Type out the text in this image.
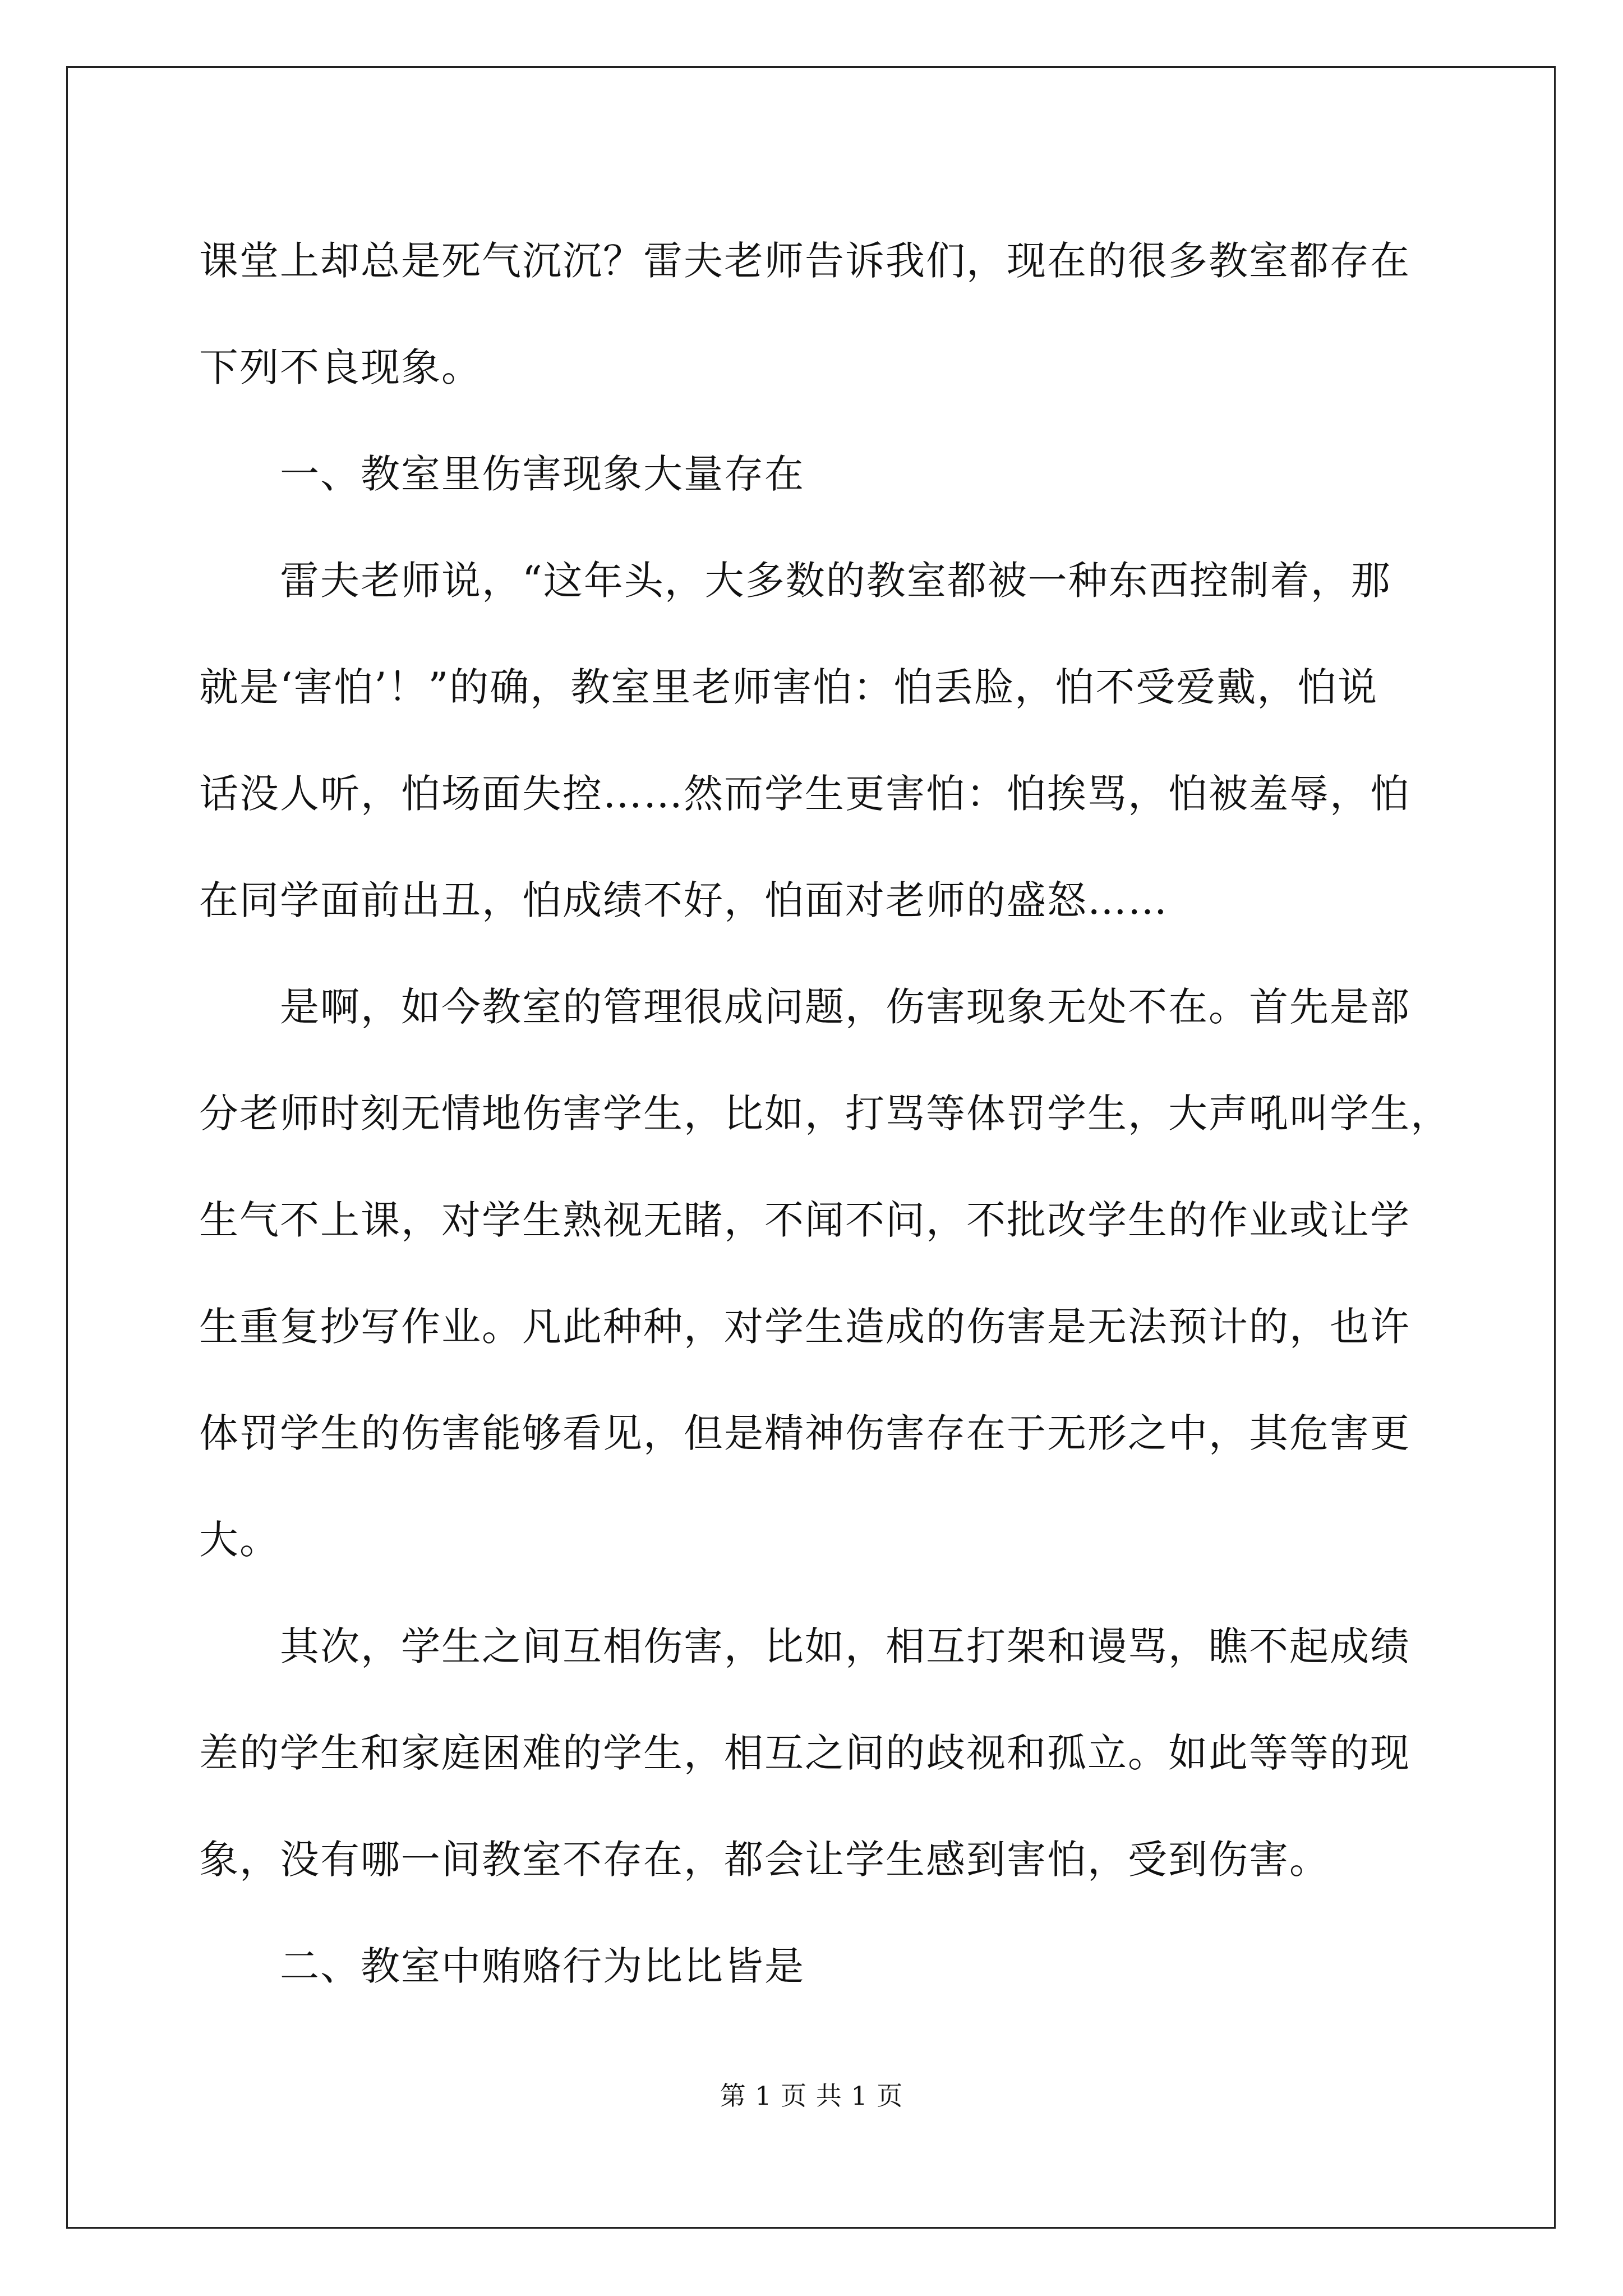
课堂上却总是死气沉沉？雷夫老师告诉我们，现在的很多教室都存在
下列不良现象。
一、教室里伤害现象大量存在
雷夫老师说，“这年头，大多数的教室都被一种东西控制着，那
就是‘害怕’！”的确，教室里老师害怕：怕丢脸，怕不受爱戴，怕说
话没人听，怕场面失控……然而学生更害怕：怕挨骂，怕被羞辱，怕
在同学面前出丑，怕成绩不好，怕面对老师的盛怒……
是啊，如今教室的管理很成问题，伤害现象无处不在。首先是部
分老师时刻无情地伤害学生，比如，打骂等体罚学生，大声吼叫学生，
生气不上课，对学生熟视无睹，不闻不问，不批改学生的作业或让学
生重复抄写作业。凡此种种，对学生造成的伤害是无法预计的，也许
体罚学生的伤害能够看见，但是精神伤害存在于无形之中，其危害更
大。
其次，学生之间互相伤害，比如，相互打架和谩骂，瞧不起成绩
差的学生和家庭困难的学生，相互之间的歧视和孤立。如此等等的现
象，没有哪一间教室不存在，都会让学生感到害怕，受到伤害。
二、教室中贿赂行为比比皆是
第 1 页 共 1 页
